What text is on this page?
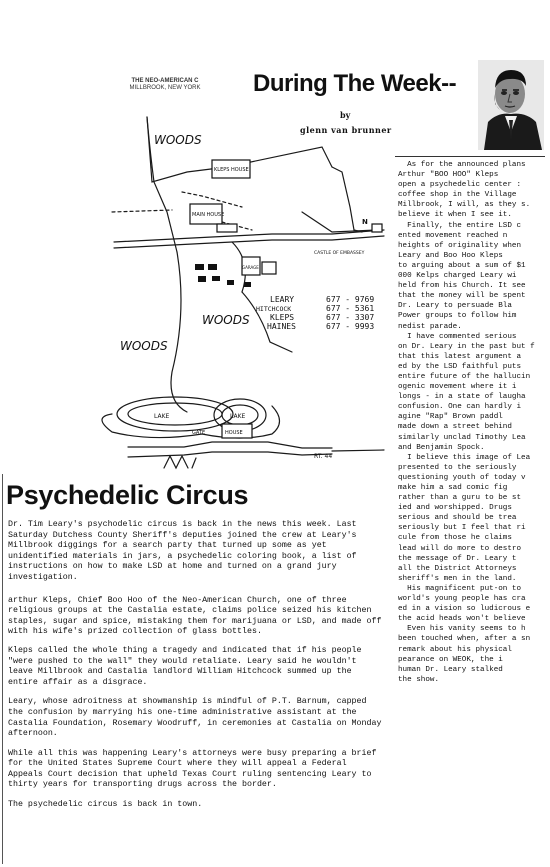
THE NEO-AMERICAN C
MILLBROOK, NEW YORK	During The Week--
by
glenn van brunner
WOODS
WOODS
WOODS
KLEPS HOUSE
MAIN HOUSE
GARAGE
CASTLE OF EMBASSEY
LAKE	LAKE
HOUSE
GATE
RT. 44
N
LEARY	677 - 9769
HITCHCOCK	677 - 5361
KLEPS	677 - 3307
HAINES	677 - 9993
Psychedelic Circus

Dr. Tim Leary's psychodelic circus is back in the news this week. Last Saturday Dutchess County Sheriff's deputies joined the crew at Leary's Millbrook diggings for a search party that turned up some as yet unidentified materials in jars, a psychedelic coloring book, a list of instructions on how to make LSD at home and turned on a grand jury investigation.

arthur Kleps, Chief Boo Hoo of the Neo-American Church, one of three religious groups at the Castalia estate, claims police seized his kitchen staples, sugar and spice, mistaking them for marijuana or LSD, and made off with his wife's prized collection of glass bottles.

Kleps called the whole thing a tragedy and indicated that if his people "were pushed to the wall" they would retaliate. Leary said he wouldn't leave Millbrook and Castalia landlord William Hitchcock summed up the entire affair as a disgrace.

Leary, whose adroitness at showmanship is mindful of P.T. Barnum, capped the confusion by marrying his one-time administrative assistant at the Castalia Foundation, Rosemary Woodruff, in ceremonies at Castalia on Monday afternoon.

While all this was happening Leary's attorneys were busy preparing a brief for the United States Supreme Court where they will appeal a Federal Appeals Court decision that upheld Texas Court ruling sentencing Leary to thirty years for transporting drugs across the border.

The psychedelic circus is back in town.

As for the announced plans

Arthur "BOO HOO" Kleps

open a psychedelic center :

coffee shop in the Village

Millbrook, I will, as they s.

believe it when I see it.

Finally, the entire LSD c

ented movement reached n

heights of originality when

Leary and Boo Hoo Kleps

to arguing about a sum of $1

000 Kelps charged Leary wi

held from his Church. It see

that the money will be spent

Dr. Leary to persuade Bla

Power groups to follow him

nedist parade.

I have commented serious

on Dr. Leary in the past but f

that this latest argument a

ed by the LSD faithful puts

entire future of the hallucin

ogenic movement where it i

longs - in a state of laugha

confusion. One can hardly i

agine "Rap" Brown paddl

made down a street behind

similarly unclad Timothy Lea

and Benjamin Spock.

I believe this image of Lea

presented to the seriously

questioning youth of today v

make him a sad comic fig

rather than a guru to be st

ied and worshipped. Drugs

serious and should be trea

seriously but I feel that ri

cule from those he claims

lead will do more to destro

the message of Dr. Leary t

all the District Attorneys

sheriff's men in the land.

His magnificent put-on to

world's young people has cra

ed in a vision so ludicrous e

the acid heads won't believe

Even his vanity seems to h

been touched when, after a sn

remark about his physical

pearance on WEOK, the i

human Dr. Leary stalked

the show.
